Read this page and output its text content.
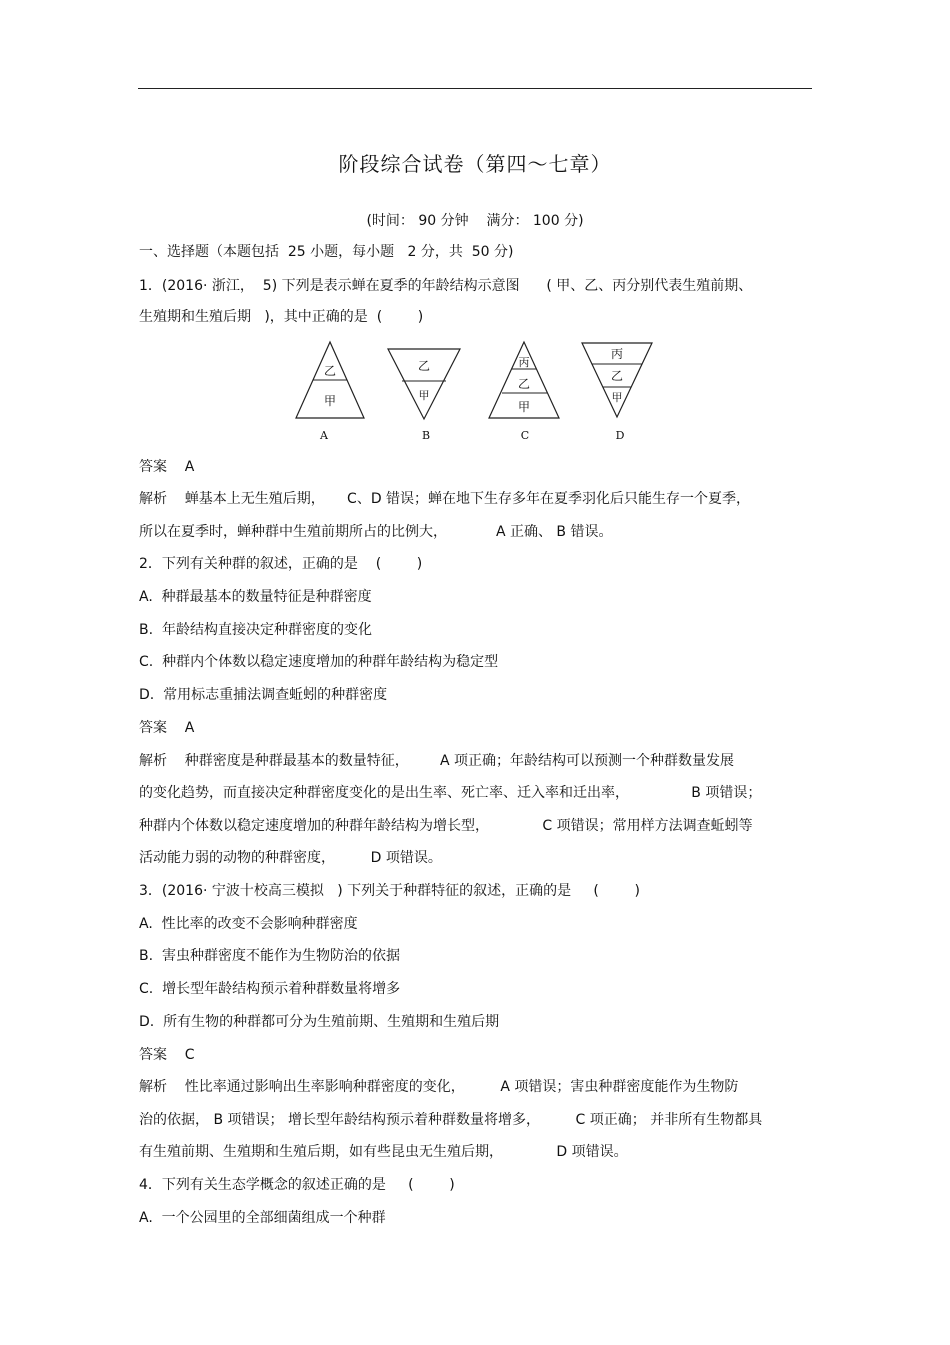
阶段综合试卷（第四～七章）
(时间： 90 分钟    满分： 100 分)
一、选择题（本题包括  25 小题，每小题   2 分，共  50 分)
1．(2016· 浙江，  5) 下列是表示蝉在夏季的年龄结构示意图      ( 甲、乙、丙分别代表生殖前期、
生殖期和生殖后期   )，其中正确的是  (        )
乙
甲
A
乙
甲
B
丙
乙
甲
C
丙
乙
甲
D
答案    A
解析    蝉基本上无生殖后期，     C、D 错误；蝉在地下生存多年在夏季羽化后只能生存一个夏季，
所以在夏季时，蝉种群中生殖前期所占的比例大，           A 正确、 B 错误。
2．下列有关种群的叙述，正确的是    (        )
A.  种群最基本的数量特征是种群密度
B.  年龄结构直接决定种群密度的变化
C.  种群内个体数以稳定速度增加的种群年龄结构为稳定型
D.  常用标志重捕法调查蚯蚓的种群密度
答案    A
解析    种群密度是种群最基本的数量特征，       A 项正确；年龄结构可以预测一个种群数量发展
的变化趋势，而直接决定种群密度变化的是出生率、死亡率、迁入率和迁出率，              B 项错误；
种群内个体数以稳定速度增加的种群年龄结构为增长型，            C 项错误；常用样方法调查蚯蚓等
活动能力弱的动物的种群密度，        D 项错误。
3．(2016· 宁波十校高三模拟   ) 下列关于种群特征的叙述，正确的是     (        )
A.  性比率的改变不会影响种群密度
B.  害虫种群密度不能作为生物防治的依据
C.  增长型年龄结构预示着种群数量将增多
D.  所有生物的种群都可分为生殖前期、生殖期和生殖后期
答案    C
解析    性比率通过影响出生率影响种群密度的变化，        A 项错误；害虫种群密度能作为生物防
治的依据， B 项错误； 增长型年龄结构预示着种群数量将增多，        C 项正确； 并非所有生物都具
有生殖前期、生殖期和生殖后期，如有些昆虫无生殖后期，            D 项错误。
4．下列有关生态学概念的叙述正确的是     (        )
A.  一个公园里的全部细菌组成一个种群
